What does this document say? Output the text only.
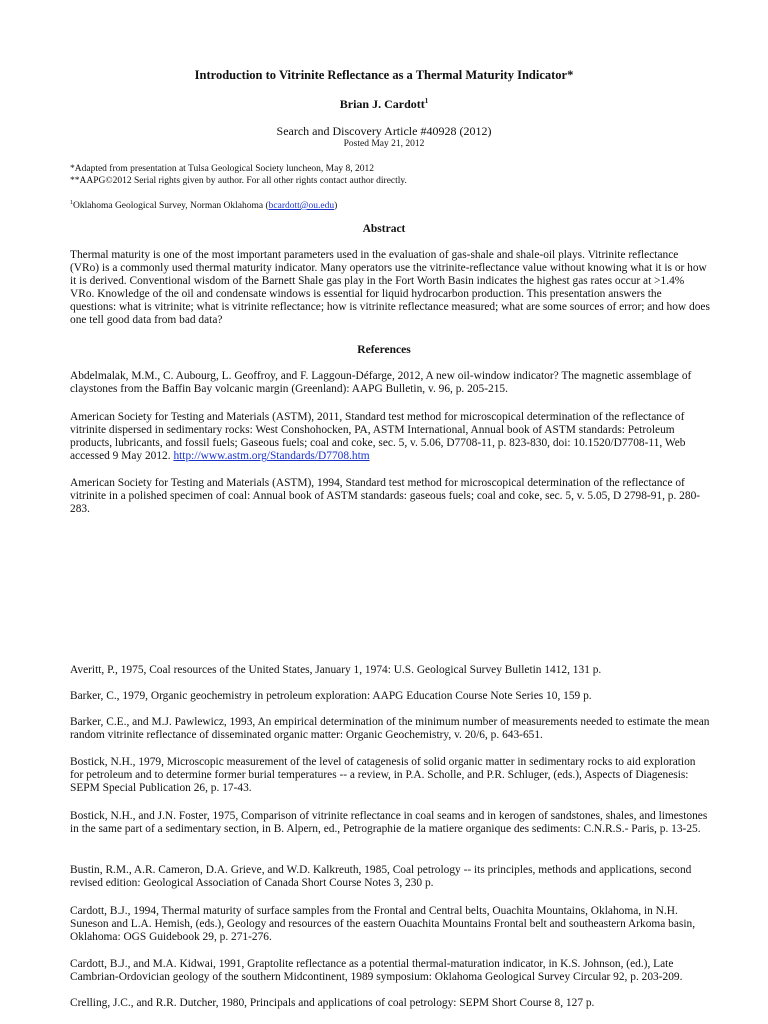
Introduction to Vitrinite Reflectance as a Thermal Maturity Indicator*
Brian J. Cardott$^1$
Search and Discovery Article #40928 (2012)
Posted May 21, 2012
*Adapted from presentation at Tulsa Geological Society luncheon, May 8, 2012
**AAPG©2012 Serial rights given by author. For all other rights contact author directly.
$^1$Oklahoma Geological Survey, Norman Oklahoma (bcardott@ou.edu)
Abstract
Thermal maturity is one of the most important parameters used in the evaluation of gas-shale and shale-oil plays. Vitrinite reflectance (VRo) is a commonly used thermal maturity indicator. Many operators use the vitrinite-reflectance value without knowing what it is or how it is derived. Conventional wisdom of the Barnett Shale gas play in the Fort Worth Basin indicates the highest gas rates occur at >1.4% VRo. Knowledge of the oil and condensate windows is essential for liquid hydrocarbon production. This presentation answers the questions: what is vitrinite; what is vitrinite reflectance; how is vitrinite reflectance measured; what are some sources of error; and how does one tell good data from bad data?
References
Abdelmalak, M.M., C. Aubourg, L. Geoffroy, and F. Laggoun-Défarge, 2012, A new oil-window indicator? The magnetic assemblage of claystones from the Baffin Bay volcanic margin (Greenland): AAPG Bulletin, v. 96, p. 205-215.
American Society for Testing and Materials (ASTM), 2011, Standard test method for microscopical determination of the reflectance of vitrinite dispersed in sedimentary rocks: West Conshohocken, PA, ASTM International, Annual book of ASTM standards: Petroleum products, lubricants, and fossil fuels; Gaseous fuels; coal and coke, sec. 5, v. 5.06, D7708-11, p. 823-830, doi: 10.1520/D7708-11, Web accessed 9 May 2012. http://www.astm.org/Standards/D7708.htm
American Society for Testing and Materials (ASTM), 1994, Standard test method for microscopical determination of the reflectance of vitrinite in a polished specimen of coal: Annual book of ASTM standards: gaseous fuels; coal and coke, sec. 5, v. 5.05, D 2798-91, p. 280-283.
Averitt, P., 1975, Coal resources of the United States, January 1, 1974: U.S. Geological Survey Bulletin 1412, 131 p.
Barker, C., 1979, Organic geochemistry in petroleum exploration: AAPG Education Course Note Series 10, 159 p.
Barker, C.E., and M.J. Pawlewicz, 1993, An empirical determination of the minimum number of measurements needed to estimate the mean random vitrinite reflectance of disseminated organic matter: Organic Geochemistry, v. 20/6, p. 643-651.
Bostick, N.H., 1979, Microscopic measurement of the level of catagenesis of solid organic matter in sedimentary rocks to aid exploration for petroleum and to determine former burial temperatures -- a review, in P.A. Scholle, and P.R. Schluger, (eds.), Aspects of Diagenesis: SEPM Special Publication 26, p. 17-43.
Bostick, N.H., and J.N. Foster, 1975, Comparison of vitrinite reflectance in coal seams and in kerogen of sandstones, shales, and limestones in the same part of a sedimentary section, in B. Alpern, ed., Petrographie de la matiere organique des sediments: C.N.R.S.- Paris, p. 13-25.
Bustin, R.M., A.R. Cameron, D.A. Grieve, and W.D. Kalkreuth, 1985, Coal petrology -- its principles, methods and applications, second revised edition: Geological Association of Canada Short Course Notes 3, 230 p.
Cardott, B.J., 1994, Thermal maturity of surface samples from the Frontal and Central belts, Ouachita Mountains, Oklahoma, in N.H. Suneson and L.A. Hemish, (eds.), Geology and resources of the eastern Ouachita Mountains Frontal belt and southeastern Arkoma basin, Oklahoma: OGS Guidebook 29, p. 271-276.
Cardott, B.J., and M.A. Kidwai, 1991, Graptolite reflectance as a potential thermal-maturation indicator, in K.S. Johnson, (ed.), Late Cambrian-Ordovician geology of the southern Midcontinent, 1989 symposium: Oklahoma Geological Survey Circular 92, p. 203-209.
Crelling, J.C., and R.R. Dutcher, 1980, Principals and applications of coal petrology: SEPM Short Course 8, 127 p.
